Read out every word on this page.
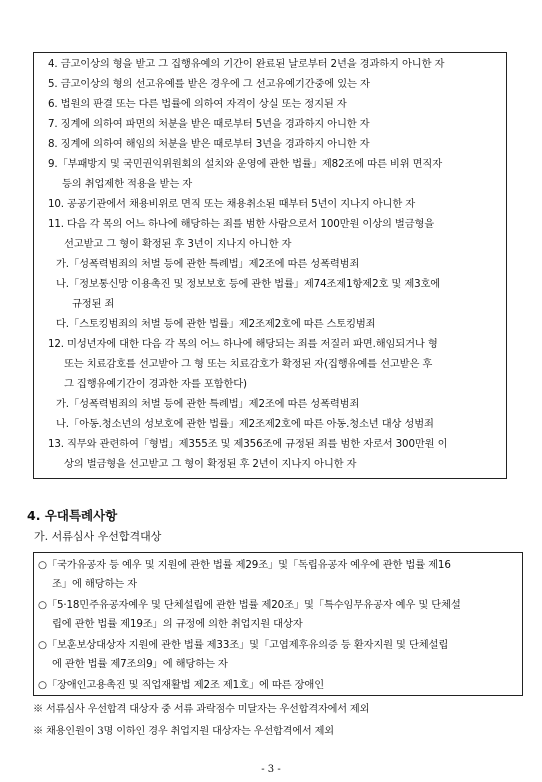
4. 금고이상의 형을 받고 그 집행유예의 기간이 완료된 날로부터 2년을 경과하지 아니한 자
5. 금고이상의 형의 선고유예를 받은 경우에 그 선고유예기간중에 있는 자
6. 법원의 판결 또는 다른 법률에 의하여 자격이 상실 또는 정지된 자
7. 징계에 의하여 파면의 처분을 받은 때로부터 5년을 경과하지 아니한 자
8. 징계에 의하여 해임의 처분을 받은 때로부터 3년을 경과하지 아니한 자
9.「부패방지 및 국민권익위원회의 설치와 운영에 관한 법률」제82조에 따른 비위 면직자
등의 취업제한 적용을 받는 자
10. 공공기관에서 채용비위로 면직 또는 채용취소된 때부터 5년이 지나지 아니한 자
11. 다음 각 목의 어느 하나에 해당하는 죄를 범한 사람으로서 100만원 이상의 벌금형을
선고받고 그 형이 확정된 후 3년이 지나지 아니한 자
가.「성폭력범죄의 처벌 등에 관한 특례법」제2조에 따른 성폭력범죄
나.「정보통신망 이용촉진 및 정보보호 등에 관한 법률」제74조제1항제2호 및 제3호에
규정된 죄
다.「스토킹범죄의 처벌 등에 관한 법률」제2조제2호에 따른 스토킹범죄
12. 미성년자에 대한 다음 각 목의 어느 하나에 해당되는 죄를 저질러 파면.해임되거나 형
또는 치료감호를 선고받아 그 형 또는 치료감호가 확정된 자(집행유예를 선고받은 후
그 집행유예기간이 경과한 자를 포함한다)
가.「성폭력범죄의 처벌 등에 관한 특례법」제2조에 따른 성폭력범죄
나.「아동.청소년의 성보호에 관한 법률」제2조제2호에 따른 아동.청소년 대상 성범죄
13. 직무와 관련하여「형법」제355조 및 제356조에 규정된 죄를 범한 자로서 300만원 이
상의 벌금형을 선고받고 그 형이 확정된 후 2년이 지나지 아니한 자
4. 우대특례사항
가. 서류심사 우선합격대상
○「국가유공자 등 예우 및 지원에 관한 법률 제29조」및「독립유공자 예우에 관한 법률 제16
조」에 해당하는 자
○「5·18민주유공자예우 및 단체설립에 관한 법률 제20조」및「특수임무유공자 예우 및 단체설
립에 관한 법률 제19조」의 규정에 의한 취업지원 대상자
○「보훈보상대상자 지원에 관한 법률 제33조」및「고엽제후유의증 등 환자지원 및 단체설립
에 관한 법률 제7조의9」에 해당하는 자
○「장애인고용촉진 및 직업재활법 제2조 제1호」에 따른 장애인
※ 서류심사 우선합격 대상자 중 서류 과락점수 미달자는 우선합격자에서 제외
※ 채용인원이 3명 이하인 경우 취업지원 대상자는 우선합격에서 제외
- 3 -
